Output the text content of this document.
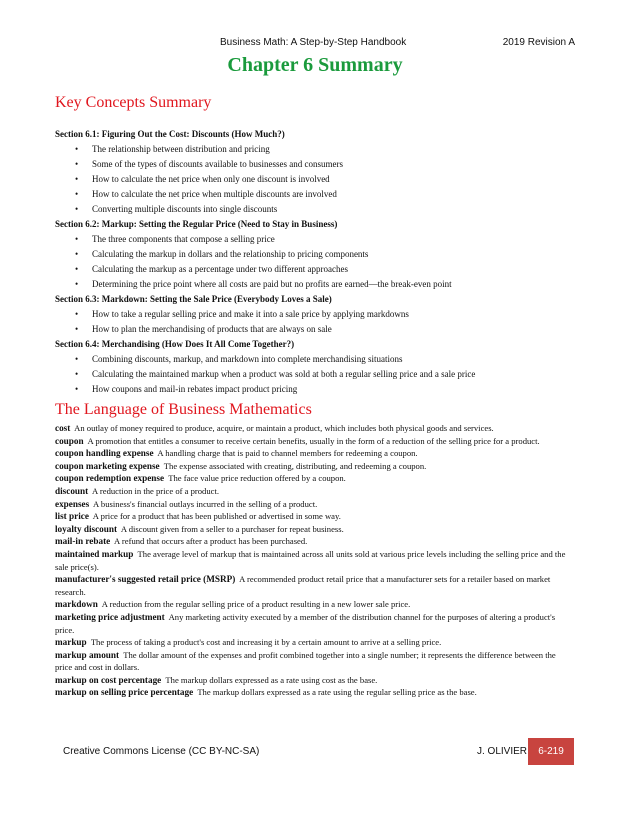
Business Math: A Step-by-Step Handbook	2019 Revision A
Chapter 6 Summary
Key Concepts Summary
Section 6.1: Figuring Out the Cost: Discounts (How Much?)
• The relationship between distribution and pricing
• Some of the types of discounts available to businesses and consumers
• How to calculate the net price when only one discount is involved
• How to calculate the net price when multiple discounts are involved
• Converting multiple discounts into single discounts
Section 6.2: Markup: Setting the Regular Price (Need to Stay in Business)
• The three components that compose a selling price
• Calculating the markup in dollars and the relationship to pricing components
• Calculating the markup as a percentage under two different approaches
• Determining the price point where all costs are paid but no profits are earned—the break-even point
Section 6.3: Markdown: Setting the Sale Price (Everybody Loves a Sale)
• How to take a regular selling price and make it into a sale price by applying markdowns
• How to plan the merchandising of products that are always on sale
Section 6.4: Merchandising (How Does It All Come Together?)
• Combining discounts, markup, and markdown into complete merchandising situations
• Calculating the maintained markup when a product was sold at both a regular selling price and a sale price
• How coupons and mail-in rebates impact product pricing
The Language of Business Mathematics

cost An outlay of money required to produce, acquire, or maintain a product, which includes both physical goods and services.

coupon A promotion that entitles a consumer to receive certain benefits, usually in the form of a reduction of the selling price for a product.

coupon handling expense A handling charge that is paid to channel members for redeeming a coupon.

coupon marketing expense The expense associated with creating, distributing, and redeeming a coupon.

coupon redemption expense The face value price reduction offered by a coupon.

discount A reduction in the price of a product.

expenses A business's financial outlays incurred in the selling of a product.

list price A price for a product that has been published or advertised in some way.

loyalty discount A discount given from a seller to a purchaser for repeat business.

mail-in rebate A refund that occurs after a product has been purchased.

maintained markup The average level of markup that is maintained across all units sold at various price levels including the selling price and the sale price(s).

manufacturer's suggested retail price (MSRP) A recommended product retail price that a manufacturer sets for a retailer based on market research.

markdown A reduction from the regular selling price of a product resulting in a new lower sale price.

marketing price adjustment Any marketing activity executed by a member of the distribution channel for the purposes of altering a product's price.

markup The process of taking a product's cost and increasing it by a certain amount to arrive at a selling price.

markup amount The dollar amount of the expenses and profit combined together into a single number; it represents the difference between the price and cost in dollars.

markup on cost percentage The markup dollars expressed as a rate using cost as the base.

markup on selling price percentage The markup dollars expressed as a rate using the regular selling price as the base.

Creative Commons License (CC BY-NC-SA)	J. OLIVIER	6-219
